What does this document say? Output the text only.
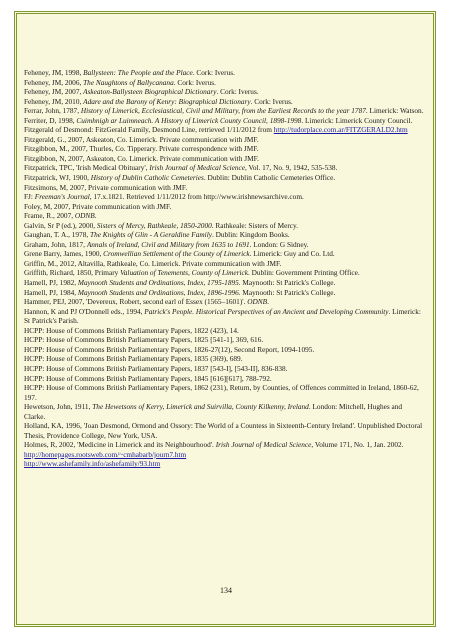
Feheney, JM, 1998, Ballysteen: The People and the Place. Cork: Iverus.

Feheney, JM, 2006, The Naughtons of Ballycanana. Cork: Iverus.

Feheney, JM, 2007, Askeaton-Ballysteen Biographical Dictionary. Cork: Iverus.

Feheney, JM, 2010, Adare and the Barony of Kenry: Biographical Dictionary. Cork: Iverus.

Ferrar, John, 1787, History of Limerick, Ecclesiastical, Civil and Military, from the Earliest Records to the year 1787. Limerick: Watson.

Ferriter, D, 1998, Cuimhnigh ar Luimneach. A History of Limerick County Council, 1898-1998. Limerick: Limerick County Council.

Fitzgerald of Desmond: FitzGerald Family, Desmond Line, retrieved 1/11/2012 from http://tudorplace.com.ar/FITZGERALD2.htm

Fitzgerald, G., 2007, Askeaton, Co. Limerick. Private communication with JMF.

Fitzgibbon, M., 2007, Thurles, Co. Tipperary. Private correspondence with JMF.

Fitzgibbon, N, 2007, Askeaton, Co. Limerick. Private communication with JMF.

Fitzpatrick, TPC, 'Irish Medical Obituary', Irish Journal of Medical Science, Vol. 17, No. 9, 1942, 535-538.

Fitzpatrick, WJ, 1900, History of Dublin Catholic Cemeteries. Dublin: Dublin Catholic Cemeteries Office.

Fitzsimons, M, 2007, Private communication with JMF.

FJ: Freeman's Journal, 17.x.1821. Retrieved 1/11/2012 from http://www.irishnewsarchive.com.

Foley, M, 2007, Private communication with JMF.

Frame, R., 2007, ODNB.

Galvin, Sr P (ed.), 2000, Sisters of Mercy, Rathkeale, 1850-2000. Rathkeale: Sisters of Mercy.

Gaughan, T. A., 1978, The Knights of Glin - A Geraldine Family. Dublin: Kingdom Books.

Graham, John, 1817, Annals of Ireland, Civil and Military from 1635 to 1691. London: G Sidney.

Grene Barry, James, 1900, Cromwellian Settlement of the County of Limerick. Limerick: Guy and Co. Ltd.

Griffin, M., 2012, Altavilla, Rathkeale, Co. Limerick. Private communication with JMF.

Griffith, Richard, 1850, Primary Valuation of Tenements, County of Limerick. Dublin: Government Printing Office.

Hamell, PJ, 1982, Maynooth Students and Ordinations, Index, 1795-1895. Maynooth: St Patrick's College.

Hamell, PJ, 1984, Maynooth Students and Ordinations, Index, 1896-1996. Maynooth: St Patrick's College.

Hammer, PEJ, 2007, 'Devereux, Robert, second earl of Essex (1565–1601)'. ODNB.

Hannon, K and PJ O'Donnell eds., 1994, Patrick's People. Historical Perspectives of an Ancient and Developing Community. Limerick: St Patrick's Parish.

HCPP: House of Commons British Parliamentary Papers, 1822 (423), 14.

HCPP: House of Commons British Parliamentary Papers, 1825 [541-1], 369, 616.

HCPP: House of Commons British Parliamentary Papers, 1826-27(12), Second Report, 1094-1095.

HCPP: House of Commons British Parliamentary Papers, 1835 (369), 689.

HCPP: House of Commons British Parliamentary Papers, 1837 [543-I], [543-II], 836-838.

HCPP: House of Commons British Parliamentary Papers, 1845 [616][617], 788-792.

HCPP: House of Commons British Parliamentary Papers, 1862 (231), Return, by Counties, of Offences committed in Ireland, 1860-62, 197.

Hewetson, John, 1911, The Hewetsons of Kerry, Limerick and Suirvilla, County Kilkenny, Ireland. London: Mitchell, Hughes and Clarke.

Holland, KA, 1996, 'Joan Desmond, Ormond and Ossory: The World of a Countess in Sixteenth-Century Ireland'. Unpublished Doctoral Thesis, Providence College, New York, USA.

Holmes, R, 2002, 'Medicine in Limerick and its Neighbourhood'. Irish Journal of Medical Science, Volume 171, No. 1, Jan. 2002.

http://homepages.rootsweb.com/~cmhabarb/journ7.htm

http://www.ashefamily.info/ashefamily/93.htm

134
